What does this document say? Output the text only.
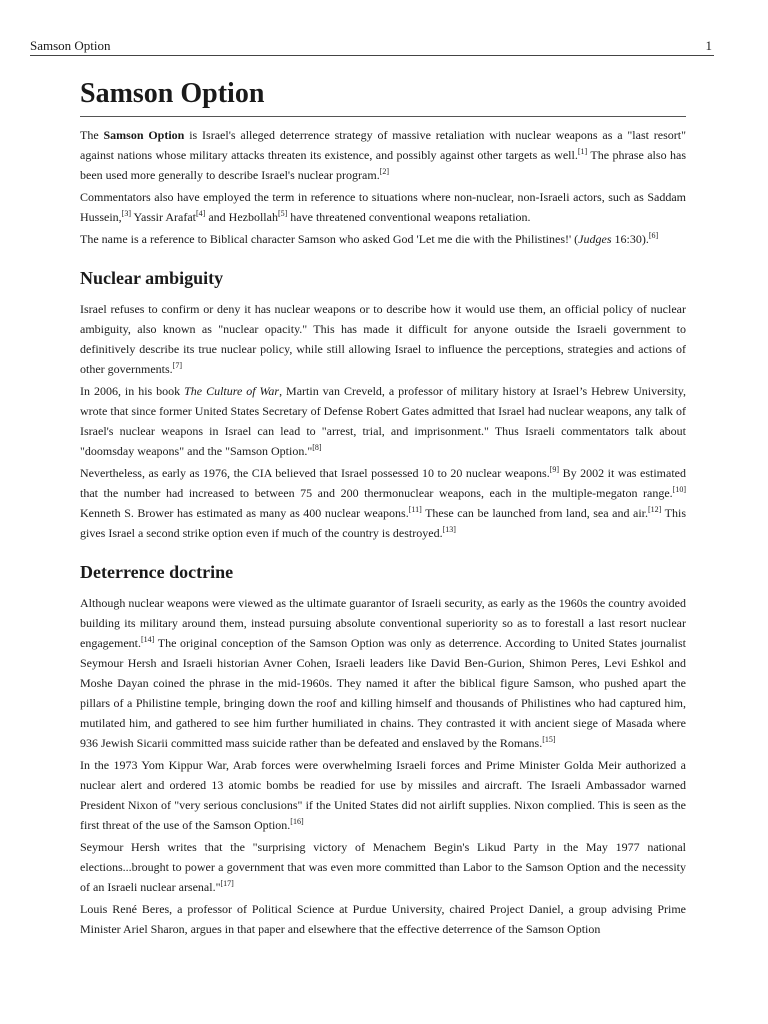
Samson Option	1
Samson Option

The Samson Option is Israel's alleged deterrence strategy of massive retaliation with nuclear weapons as a "last resort" against nations whose military attacks threaten its existence, and possibly against other targets as well.[1] The phrase also has been used more generally to describe Israel's nuclear program.[2]

Commentators also have employed the term in reference to situations where non-nuclear, non-Israeli actors, such as Saddam Hussein,[3] Yassir Arafat[4] and Hezbollah[5] have threatened conventional weapons retaliation.

The name is a reference to Biblical character Samson who asked God 'Let me die with the Philistines!' (Judges 16:30).[6]

Nuclear ambiguity

Israel refuses to confirm or deny it has nuclear weapons or to describe how it would use them, an official policy of nuclear ambiguity, also known as "nuclear opacity." This has made it difficult for anyone outside the Israeli government to definitively describe its true nuclear policy, while still allowing Israel to influence the perceptions, strategies and actions of other governments.[7]

In 2006, in his book The Culture of War, Martin van Creveld, a professor of military history at Israel’s Hebrew University, wrote that since former United States Secretary of Defense Robert Gates admitted that Israel had nuclear weapons, any talk of Israel's nuclear weapons in Israel can lead to "arrest, trial, and imprisonment." Thus Israeli commentators talk about "doomsday weapons" and the "Samson Option."[8]

Nevertheless, as early as 1976, the CIA believed that Israel possessed 10 to 20 nuclear weapons.[9] By 2002 it was estimated that the number had increased to between 75 and 200 thermonuclear weapons, each in the multiple-megaton range.[10] Kenneth S. Brower has estimated as many as 400 nuclear weapons.[11] These can be launched from land, sea and air.[12] This gives Israel a second strike option even if much of the country is destroyed.[13]

Deterrence doctrine

Although nuclear weapons were viewed as the ultimate guarantor of Israeli security, as early as the 1960s the country avoided building its military around them, instead pursuing absolute conventional superiority so as to forestall a last resort nuclear engagement.[14] The original conception of the Samson Option was only as deterrence. According to United States journalist Seymour Hersh and Israeli historian Avner Cohen, Israeli leaders like David Ben-Gurion, Shimon Peres, Levi Eshkol and Moshe Dayan coined the phrase in the mid-1960s. They named it after the biblical figure Samson, who pushed apart the pillars of a Philistine temple, bringing down the roof and killing himself and thousands of Philistines who had captured him, mutilated him, and gathered to see him further humiliated in chains. They contrasted it with ancient siege of Masada where 936 Jewish Sicarii committed mass suicide rather than be defeated and enslaved by the Romans.[15]

In the 1973 Yom Kippur War, Arab forces were overwhelming Israeli forces and Prime Minister Golda Meir authorized a nuclear alert and ordered 13 atomic bombs be readied for use by missiles and aircraft. The Israeli Ambassador warned President Nixon of "very serious conclusions" if the United States did not airlift supplies. Nixon complied. This is seen as the first threat of the use of the Samson Option.[16]

Seymour Hersh writes that the "surprising victory of Menachem Begin's Likud Party in the May 1977 national elections...brought to power a government that was even more committed than Labor to the Samson Option and the necessity of an Israeli nuclear arsenal."[17]

Louis René Beres, a professor of Political Science at Purdue University, chaired Project Daniel, a group advising Prime Minister Ariel Sharon, argues in that paper and elsewhere that the effective deterrence of the Samson Option
